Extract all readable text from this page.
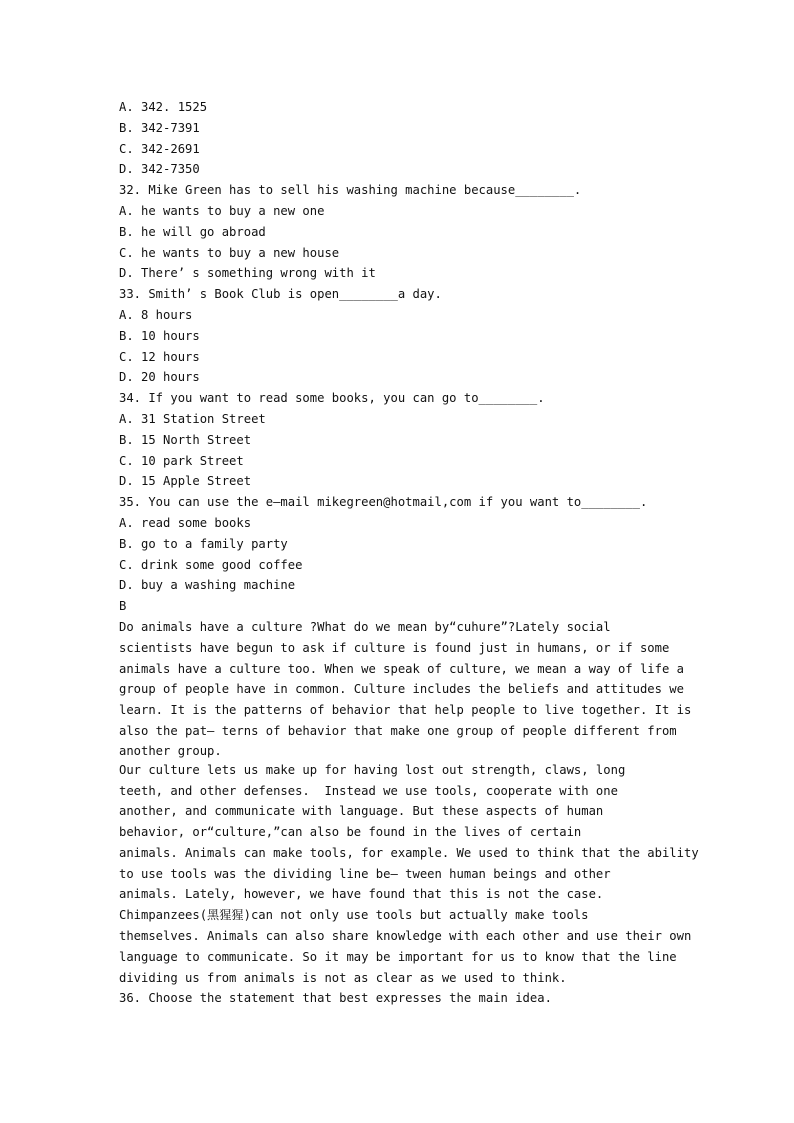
A. 342. 1525
B. 342-7391
C. 342-2691
D. 342-7350
32. Mike Green has to sell his washing machine because________.
A. he wants to buy a new one
B. he will go abroad
C. he wants to buy a new house
D. There’ s something wrong with it
33. Smith’ s Book Club is open________a day.
A. 8 hours
B. 10 hours
C. 12 hours
D. 20 hours
34. If you want to read some books, you can go to________.
A. 31 Station Street
B. 15 North Street
C. 10 park Street
D. 15 Apple Street
35. You can use the e—mail mikegreen@hotmail,com if you want to________.
A. read some books
B. go to a family party
C. drink some good coffee
D. buy a washing machine
B
Do animals have a culture ?What do we mean by“cuhure”?Lately social
scientists have begun to ask if culture is found just in humans, or if some
animals have a culture too. When we speak of culture, we mean a way of life a
group of people have in common. Culture includes the beliefs and attitudes we
learn. It is the patterns of behavior that help people to live together. It is
also the pat— terns of behavior that make one group of people different from
another group.
Our culture lets us make up for having lost out strength, claws, long
teeth, and other defenses.  Instead we use tools, cooperate with one
another, and communicate with language. But these aspects of human
behavior, or“culture,”can also be found in the lives of certain
animals. Animals can make tools, for example. We used to think that the ability
to use tools was the dividing line be— tween human beings and other
animals. Lately, however, we have found that this is not the case.
Chimpanzees(黑猩猩)can not only use tools but actually make tools
themselves. Animals can also share knowledge with each other and use their own
language to communicate. So it may be important for us to know that the line
dividing us from animals is not as clear as we used to think.
36. Choose the statement that best expresses the main idea.
